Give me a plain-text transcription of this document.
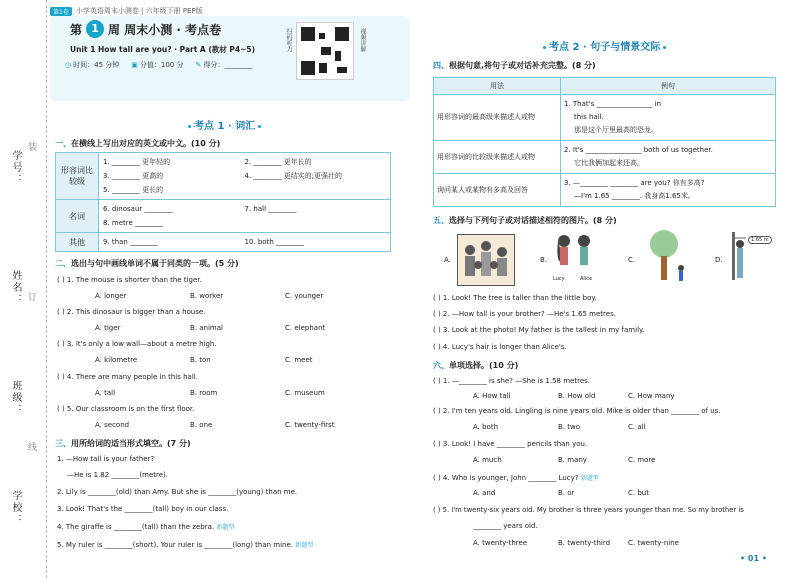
学号：
姓名：
班级：
学校：
装
订
线
第1卷	小学英语周末小测卷 | 六年级下册 PEP版
第 1 周 周末小测 · 考点卷
Unit 1 How tall are you? · Part A (教材 P4~5)
◷ 时间：45 分钟 ▣ 分值：100 分 ✎ 得分：________
扫码听力	视频讲解
考点 1 · 词汇
一、在横线上写出对应的英文或中文。(10 分)
形容词比较级	1. ________ 更年轻的 2. ________ 更年长的
3. ________ 更高的 4. ________ 更结实的;更强壮的
5. ________ 更长的

名词	6. dinosaur ________ 7. hall ________
8. metre ________

其他	9. than ________ 10. both ________
二、选出与句中画线单词不属于同类的一项。(5 分)
( ) 1. The mouse is shorter than the tiger.
A. longer	B. worker	C. younger
( ) 2. This dinosaur is bigger than a house.
A. tiger	B. animal	C. elephant
( ) 3. It's only a low wall—about a metre high.
A. kilometre	B. ton	C. meet
( ) 4. There are many people in this hall.
A. tall	B. room	C. museum
( ) 5. Our classroom is on the first floor.
A. second	B. one	C. twenty-first
三、用所给词的适当形式填空。(7 分)
1. —How tall is your father?
—He is 1.82 ________(metre).
2. Lily is ________(old) than Amy. But she is ________(young) than me.
3. Look! That's the ________(tall) boy in our class.
4. The giraffe is ________(tall) than the zebra. 新题型
5. My ruler is ________(short). Your ruler is ________(long) than mine. 新题型
考点 2 · 句子与情景交际
四、根据句意,将句子或对话补充完整。(8 分)
用法	例句
用形容词的最高级来描述人或物	1. That's ________________ in
this hall.
那是这个厅里最高的恐龙。

用形容词的比较级来描述人或物	2. It's ________________ both of us together.
它比我俩加起来还高。

询问某人或某物有多高及回答	3. —________ ________ are you? 你有多高?
—I'm 1.65 ________. 我身高1.65米。
五、选择与下列句子或对话描述相符的图片。(8 分)
A.	B.
Lucy	Alice
C.	D.
1.65 m
( ) 1. Look! The tree is taller than the little boy.
( ) 2. —How tall is your brother? —He's 1.65 metres.
( ) 3. Look at the photo! My father is the tallest in my family.
( ) 4. Lucy's hair is longer than Alice's.
六、单项选择。(10 分)
( ) 1. —________ is she? —She is 1.58 metres.
A. How tall	B. How old	C. How many
( ) 2. I'm ten years old. Lingling is nine years old. Mike is older than ________ of us.
A. both	B. two	C. all
( ) 3. Look! I have ________ pencils than you.
A. much	B. many	C. more
( ) 4. Who is younger, John ________ Lucy? 新题型
A. and	B. or	C. but
( ) 5. I'm twenty-six years old. My brother is three years younger than me. So my brother is
________ years old.
A. twenty-three	B. twenty-third	C. twenty-nine
• 01 •
